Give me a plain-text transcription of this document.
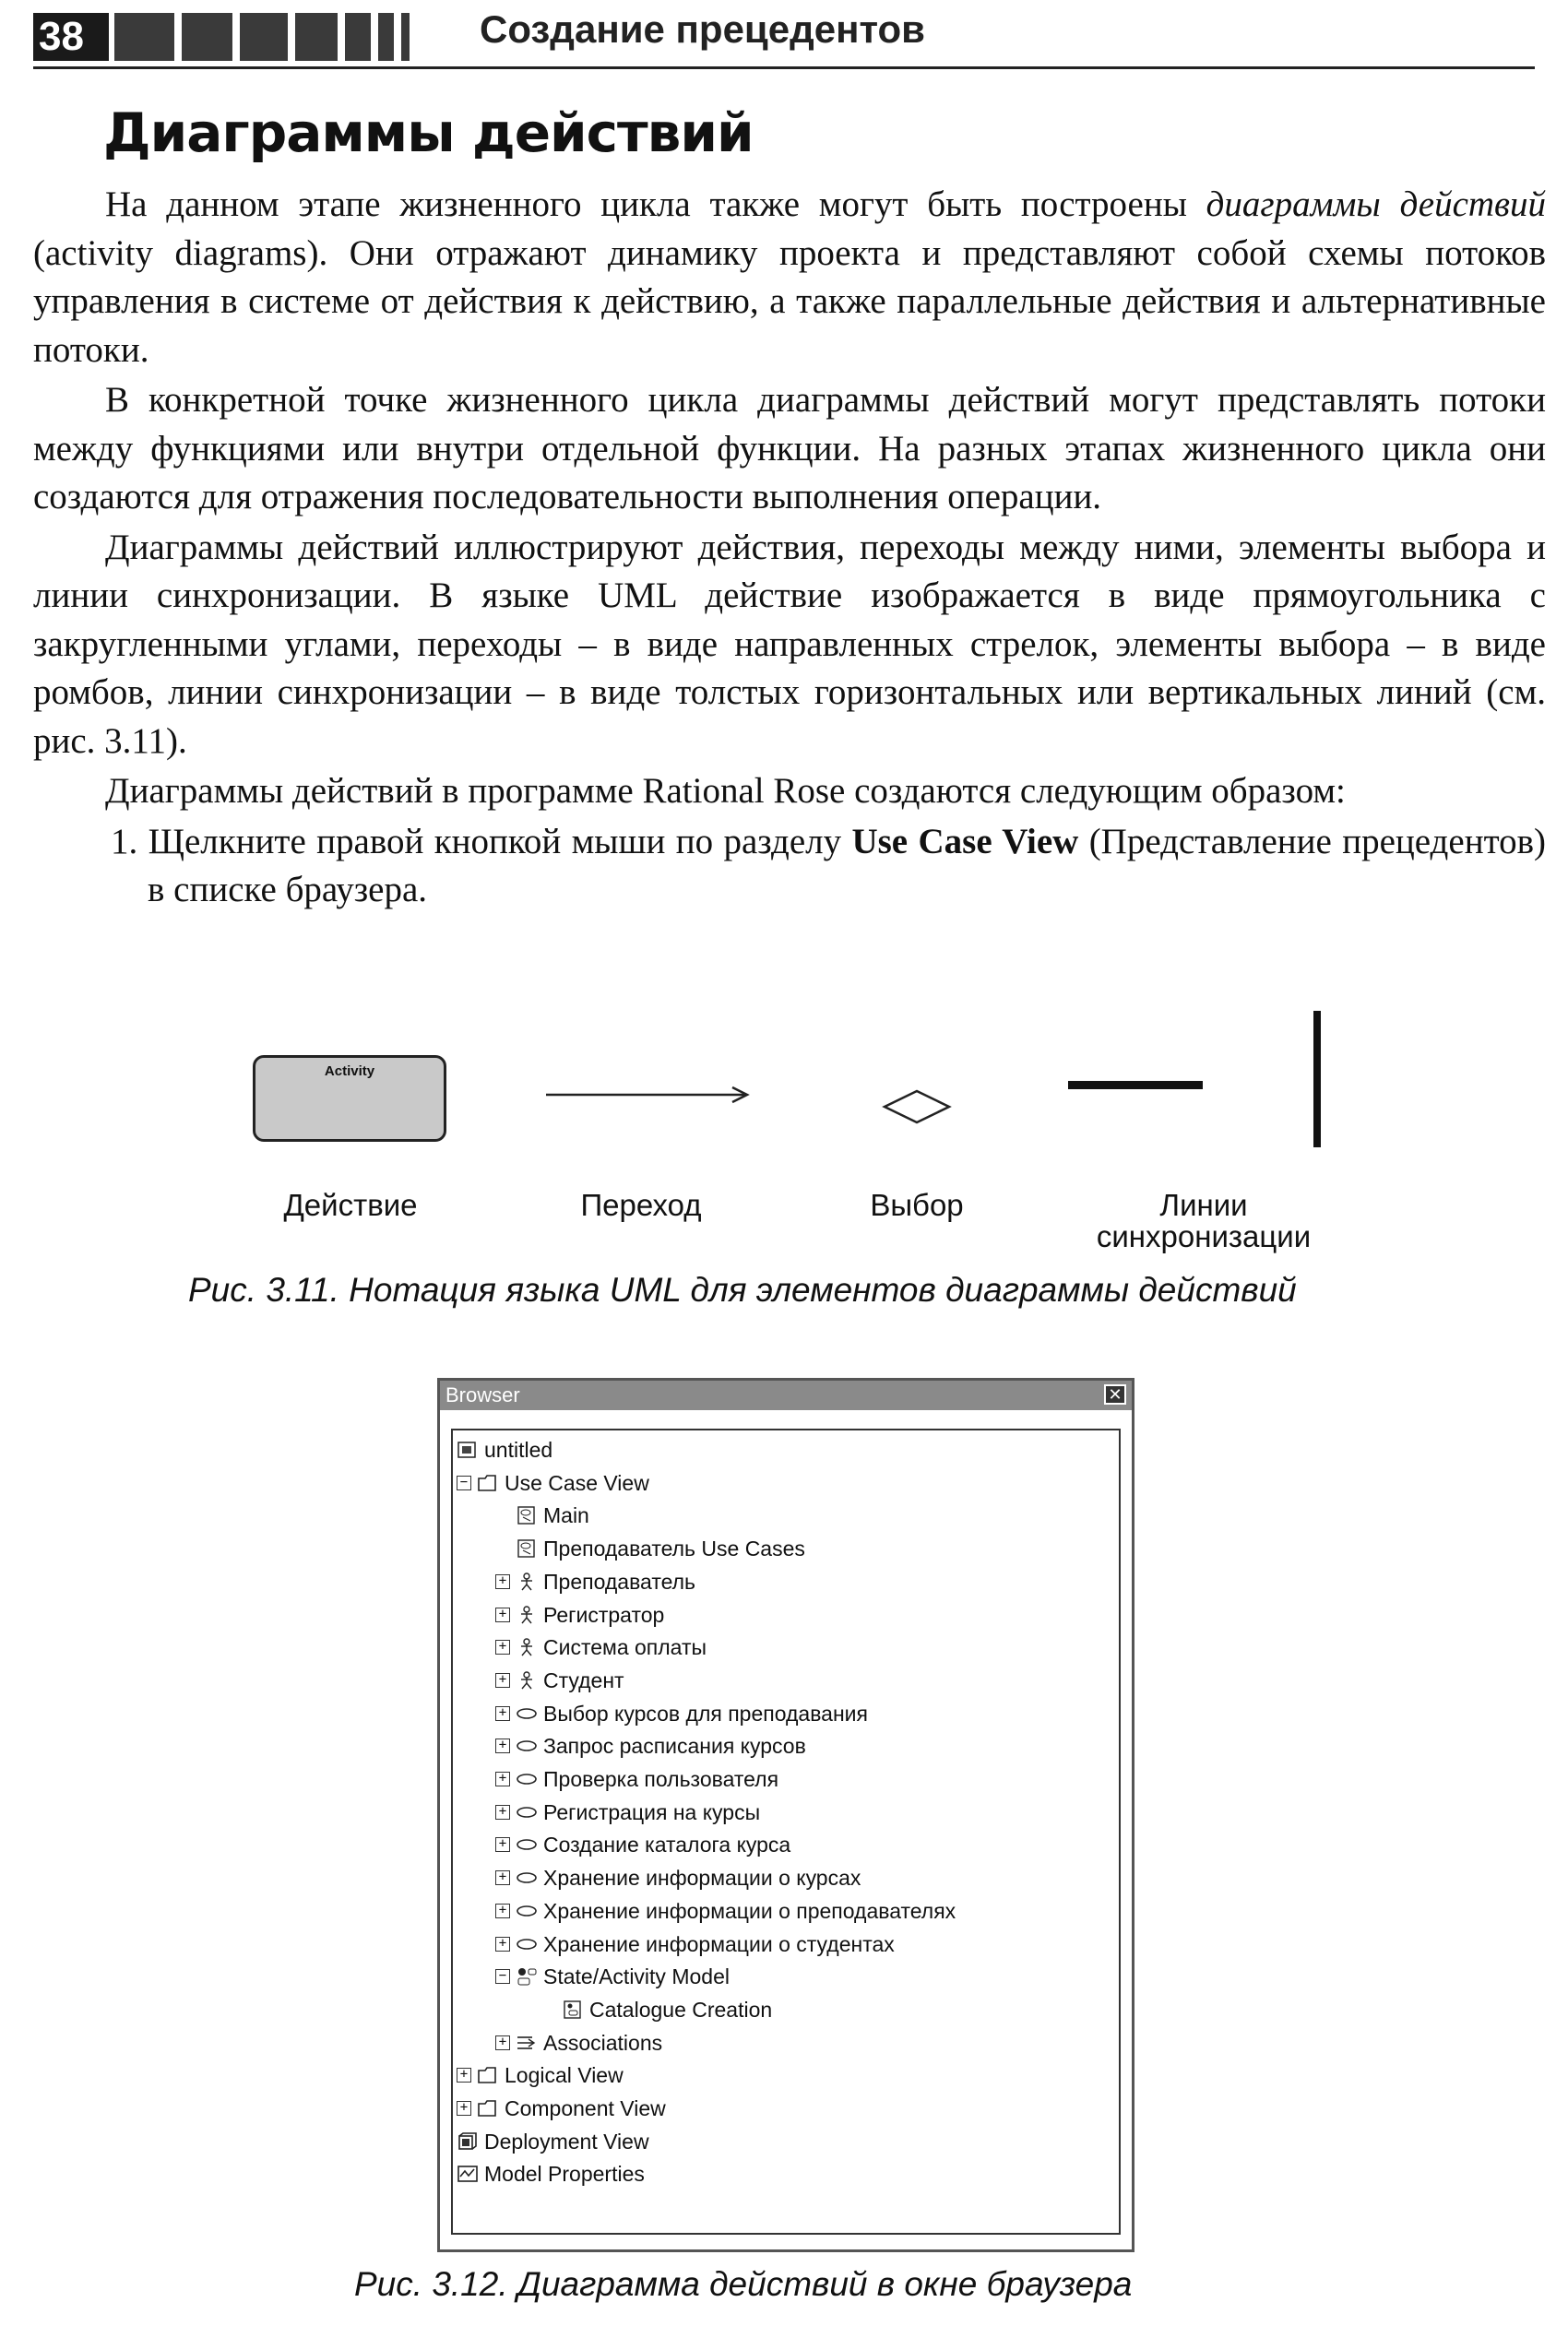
38	Создание прецедентов
Диаграммы действий

На данном этапе жизненного цикла также могут быть построены диаграммы действий (activity diagrams). Они отражают динамику проекта и представляют собой схемы потоков управления в системе от действия к действию, а также параллельные действия и альтернативные потоки.

В конкретной точке жизненного цикла диаграммы действий могут представлять потоки между функциями или внутри отдельной функции. На разных этапах жизненного цикла они создаются для отражения последовательности выполнения операции.

Диаграммы действий иллюстрируют действия, переходы между ними, элементы выбора и линии синхронизации. В языке UML действие изображается в виде прямоугольника с закругленными углами, переходы – в виде направленных стрелок, элементы выбора – в виде ромбов, линии синхронизации – в виде толстых горизонтальных или вертикальных линий (см. рис. 3.11).

Диаграммы действий в программе Rational Rose создаются следующим образом:

1. Щелкните правой кнопкой мыши по разделу Use Case View (Представление прецедентов) в списке браузера.

Activity
Действие	Переход	Выбор	Линии
синхронизации
Рис. 3.11. Нотация языка UML для элементов диаграммы действий
Browser	✕
untitled
− Use Case View
Main
Преподаватель Use Cases
+ Преподаватель
+ Регистратор
+ Система оплаты
+ Студент
+ Выбор курсов для преподавания
+ Запрос расписания курсов
+ Проверка пользователя
+ Регистрация на курсы
+ Создание каталога курса
+ Хранение информации о курсах
+ Хранение информации о преподавателях
+ Хранение информации о студентах
− State/Activity Model
Catalogue Creation
+ Associations
+ Logical View
+ Component View
Deployment View
Model Properties
Рис. 3.12. Диаграмма действий в окне браузера
